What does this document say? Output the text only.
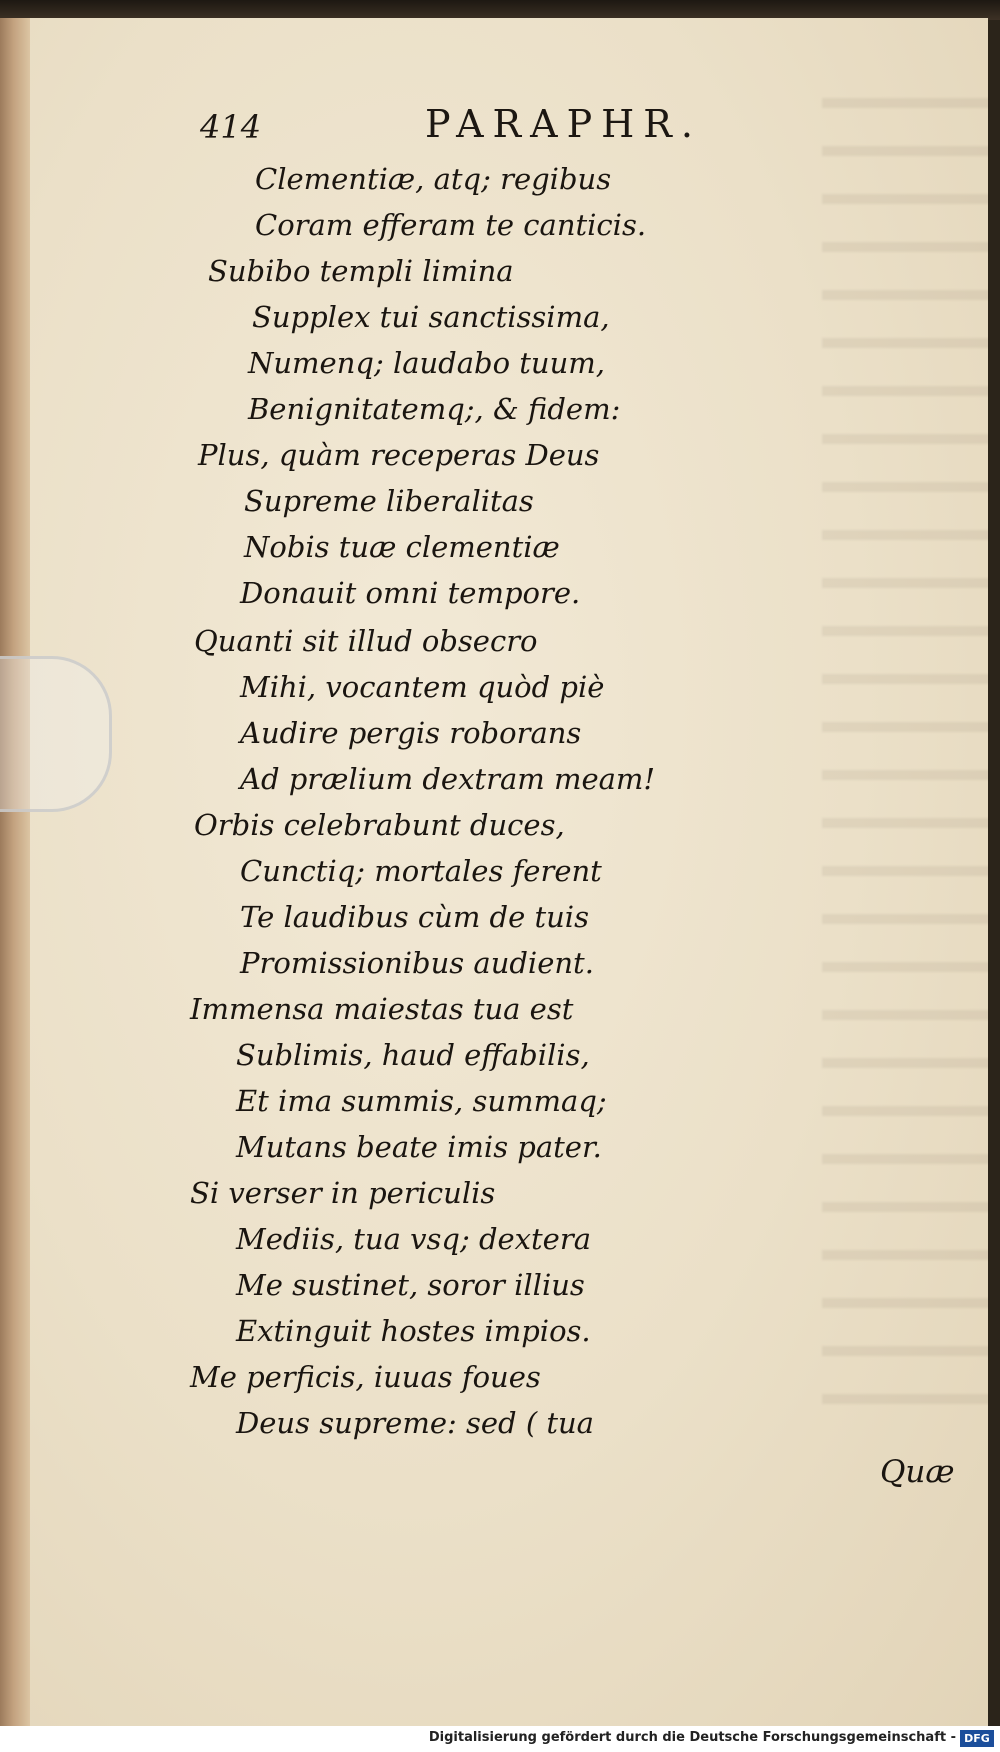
414	PARAPHR.
Clementiæ, atq; regibus
Coram efferam te canticis.
Subibo templi limina
Supplex tui sanctissima,
Numenq; laudabo tuum,
Benignitatemq;, & fidem:
Plus, quàm receperas Deus
Supreme liberalitas
Nobis tuæ clementiæ
Donauit omni tempore.
Quanti sit illud obsecro
Mihi, vocantem quòd piè
Audire pergis roborans
Ad prælium dextram meam!
Orbis celebrabunt duces,
Cunctiq; mortales ferent
Te laudibus cùm de tuis
Promissionibus audient.
Immensa maiestas tua est
Sublimis, haud effabilis,
Et ima summis, summaq;
Mutans beate imis pater.
Si verser in periculis
Mediis, tua vsq; dextera
Me sustinet, soror illius
Extinguit hostes impios.
Me perficis, iuuas foues
Deus supreme: sed ( tua
Quæ
Digitalisierung gefördert durch die Deutsche Forschungsgemeinschaft - DFG
